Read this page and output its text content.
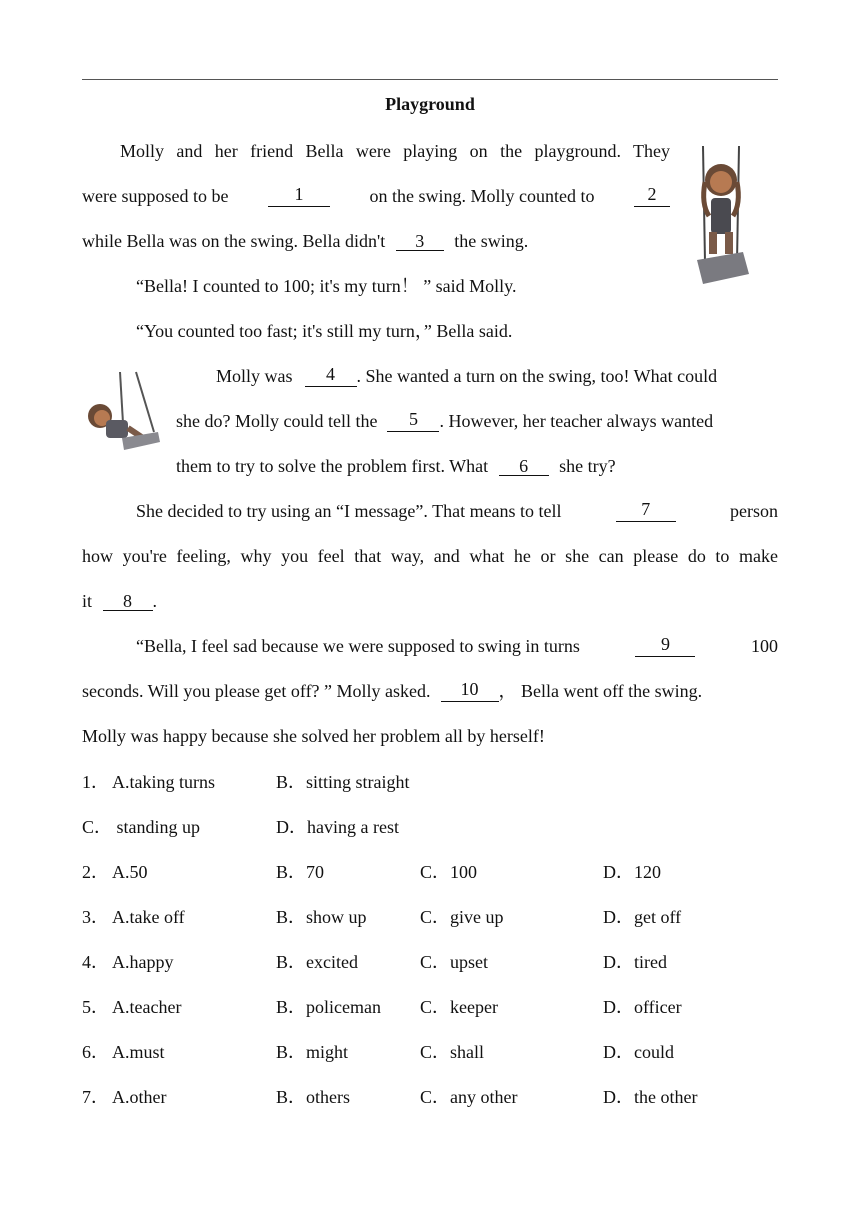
Playground
Molly and her friend Bella were playing on the playground. They
were supposed to be	1	on the swing. Molly counted to	2
while Bella was on the swing. Bella didn't 3 the swing.
“Bella! I counted to 100; it's my turn！ ” said Molly.
“You counted too fast; it's still my turn，” Bella said.
Molly was	4	. She wanted a turn on the swing, too! What could
she do? Molly could tell the	5	. However, her teacher always wanted
them to try to solve the problem first. What 6 she try?
She decided to try using an “I message”. That means to tell	7	person
how you're feeling, why you feel that way, and what he or she can please do to make
it 8 .
“Bella, I feel sad because we were supposed to swing in turns	9	100
seconds. Will you please get off? ” Molly asked.	10	， Bella went off the swing.
Molly was happy because she solved her problem all by herself!
1． A.taking turns	B．sitting straight
C． standing up	D．having a rest
2． A.50	B．70	C．100	D．120
3． A.take off	B．show up	C．give up	D．get off
4． A.happy	B．excited	C．upset	D．tired
5． A.teacher	B．policeman C．keeper	D．officer
6． A.must	B．might	C．shall	D．could
7． A.other	B．others	C．any other	D．the other
